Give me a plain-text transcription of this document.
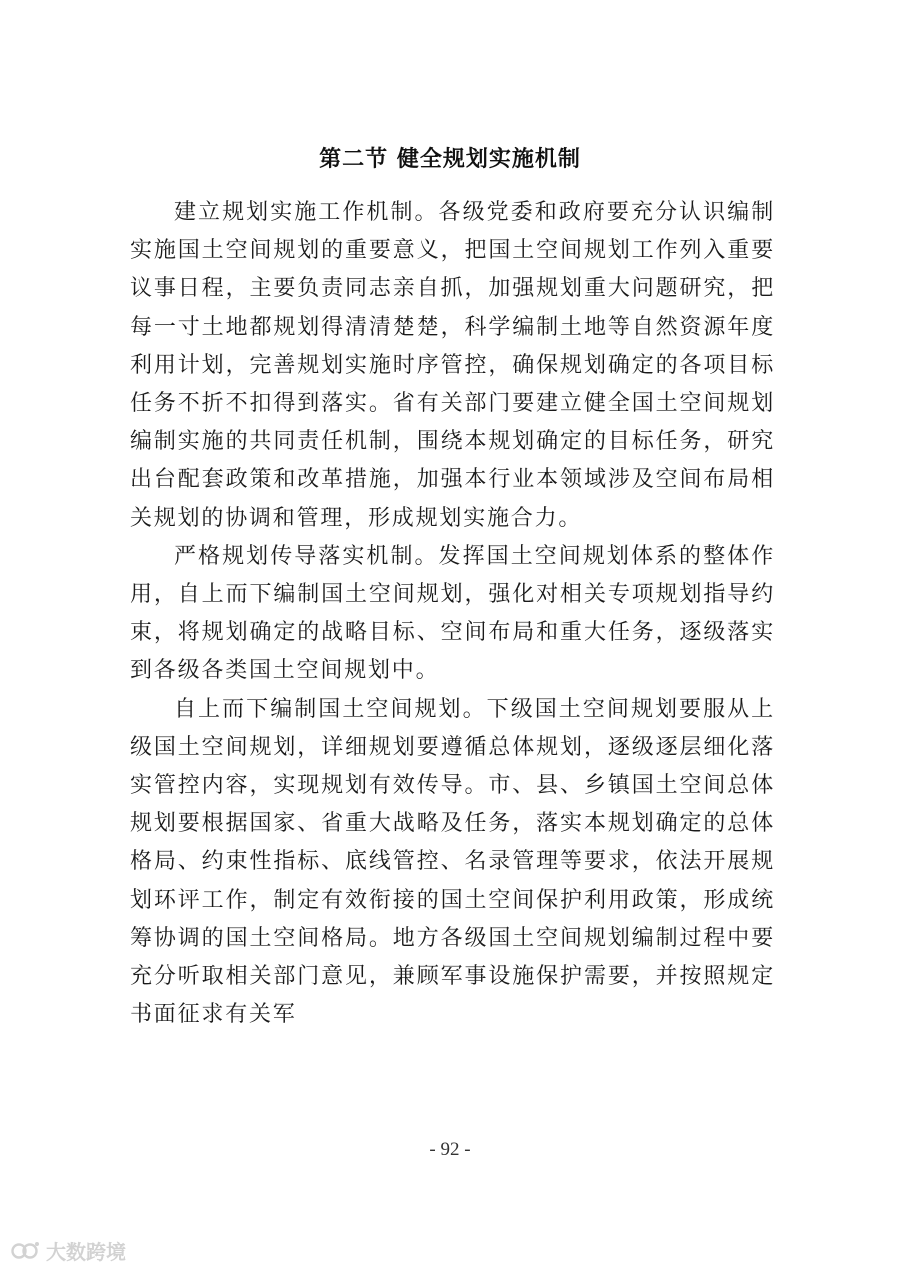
第二节 健全规划实施机制

建立规划实施工作机制。各级党委和政府要充分认识编制实施国土空间规划的重要意义，把国土空间规划工作列入重要议事日程，主要负责同志亲自抓，加强规划重大问题研究，把每一寸土地都规划得清清楚楚，科学编制土地等自然资源年度利用计划，完善规划实施时序管控，确保规划确定的各项目标任务不折不扣得到落实。省有关部门要建立健全国土空间规划编制实施的共同责任机制，围绕本规划确定的目标任务，研究出台配套政策和改革措施，加强本行业本领域涉及空间布局相关规划的协调和管理，形成规划实施合力。

严格规划传导落实机制。发挥国土空间规划体系的整体作用，自上而下编制国土空间规划，强化对相关专项规划指导约束，将规划确定的战略目标、空间布局和重大任务，逐级落实到各级各类国土空间规划中。

自上而下编制国土空间规划。下级国土空间规划要服从上级国土空间规划，详细规划要遵循总体规划，逐级逐层细化落实管控内容，实现规划有效传导。市、县、乡镇国土空间总体规划要根据国家、省重大战略及任务，落实本规划确定的总体格局、约束性指标、底线管控、名录管理等要求，依法开展规划环评工作，制定有效衔接的国土空间保护利用政策，形成统筹协调的国土空间格局。地方各级国土空间规划编制过程中要充分听取相关部门意见，兼顾军事设施保护需要，并按照规定书面征求有关军

- 92 -
大数跨境
